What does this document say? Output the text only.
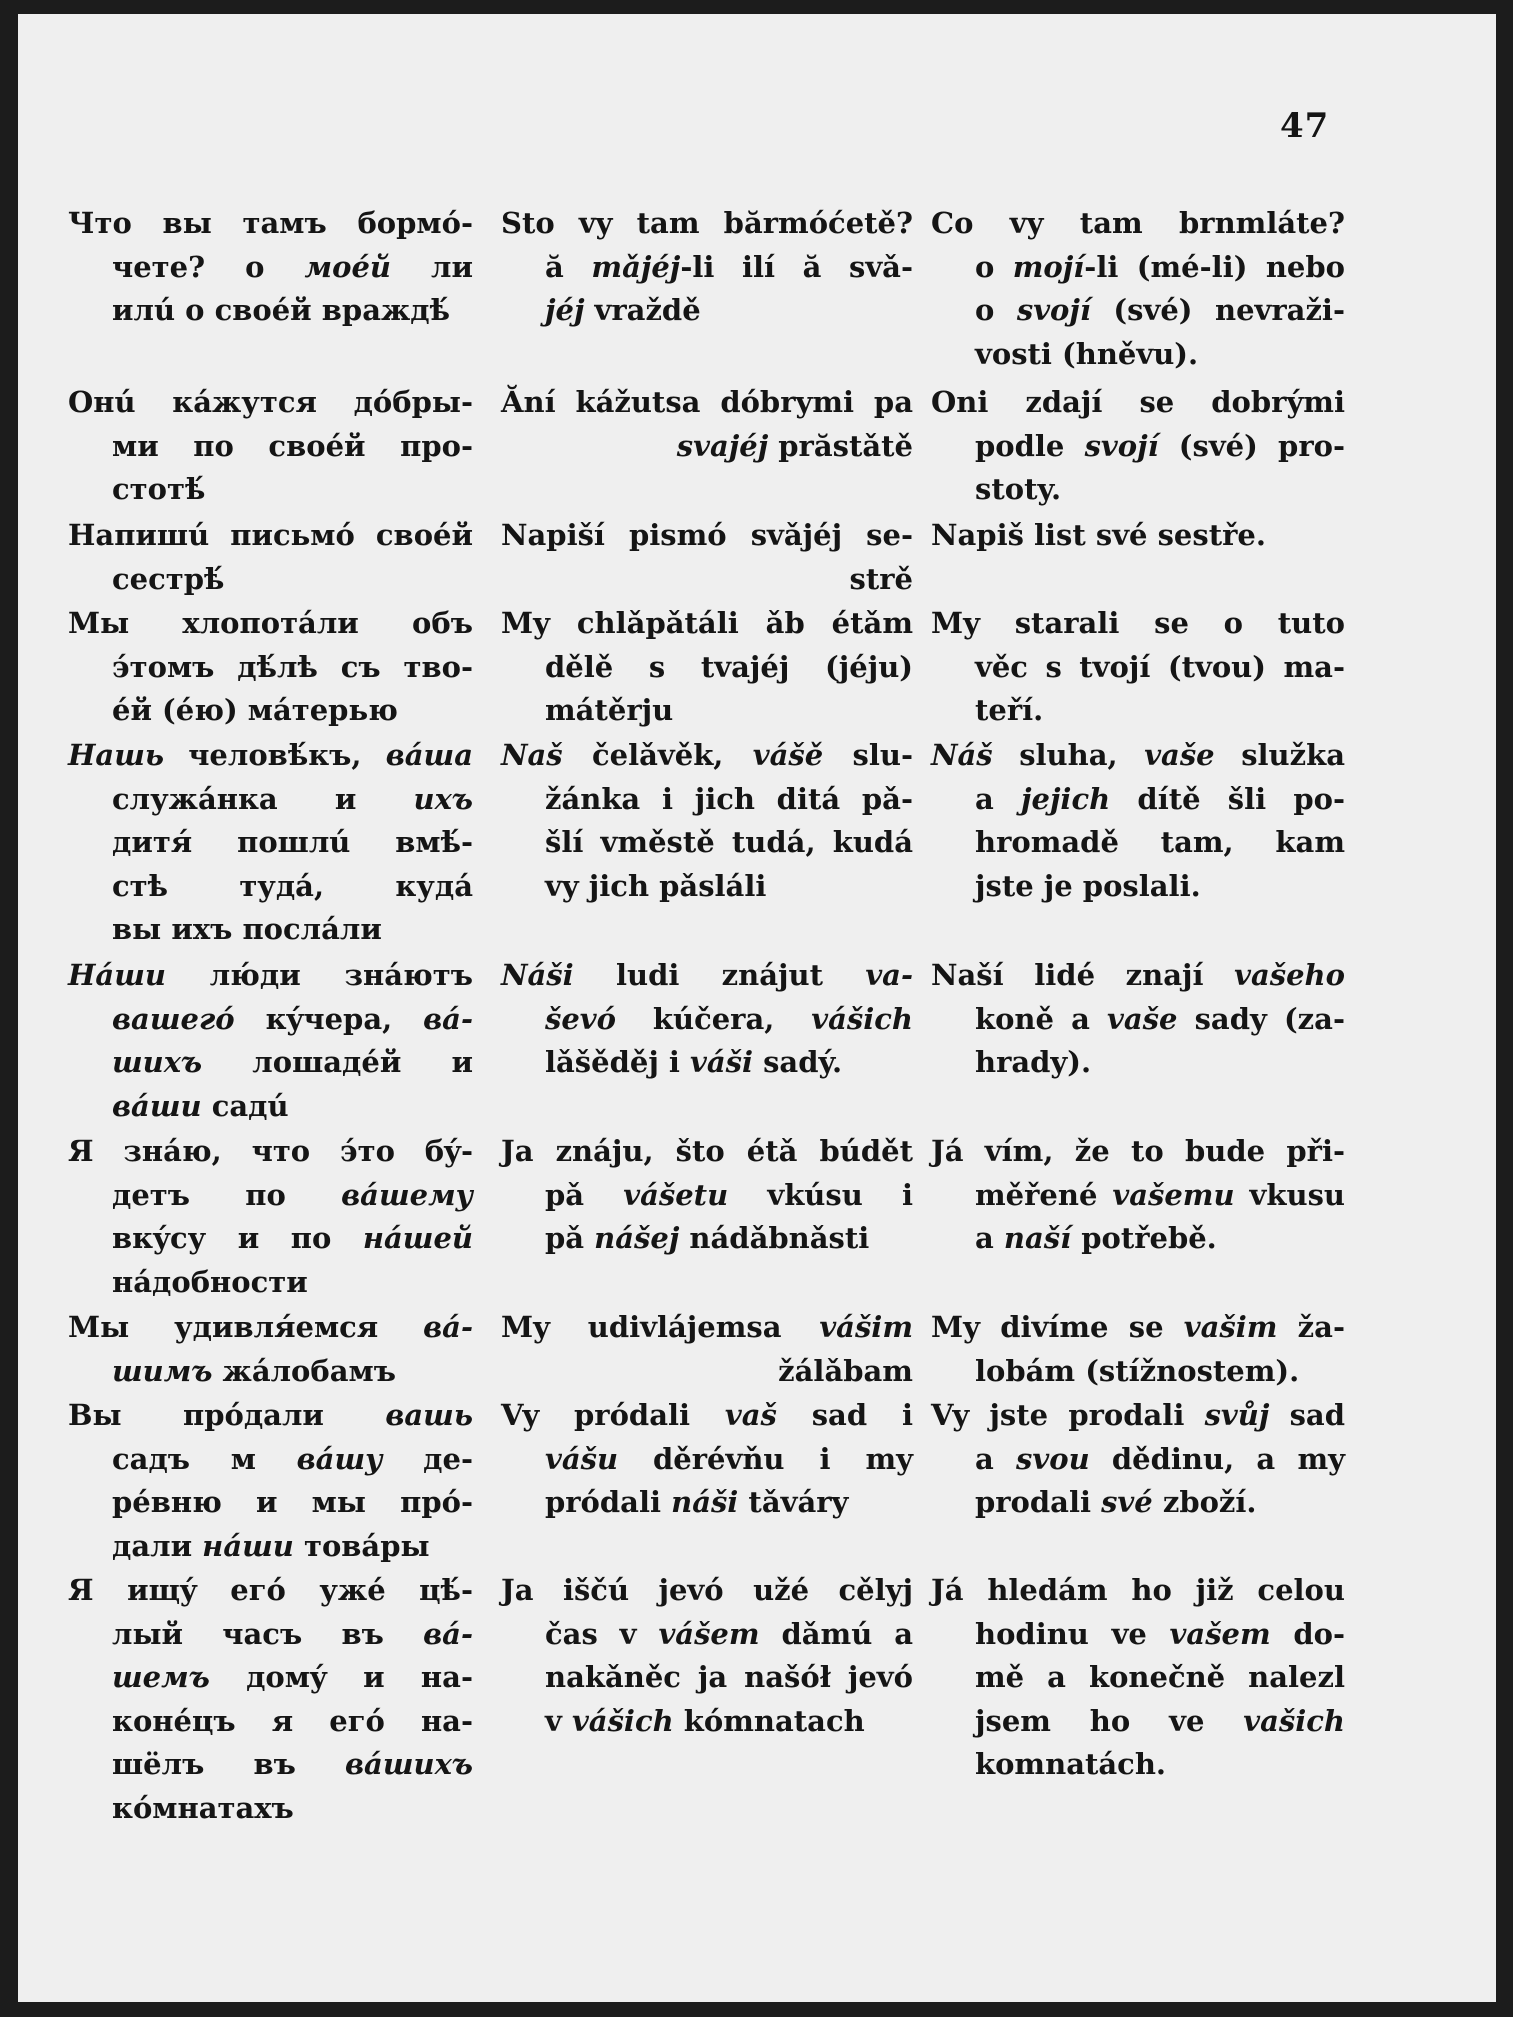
47
Что вы тамъ бормó-
чете? о моéй ли
илú о своéй враждѣ́
Sto vy tam bărmóćetě?
ă mǎjéj-li ilí ă svǎ-
jéj vraždě
Co vy tam brnmláte?
o mojí-li (mé-li) nebo
o svojí (své) nevraži-
vosti (hněvu).
Онú кáжутся дóбры-
ми по своéй про-
стотѣ́
Ăní kážutsa dóbrymi pa
svajéj prăstǎtě
Oni zdají se dobrými
podle svojí (své) pro-
stoty.
Напишú письмó своéй
сестрѣ́
Napiší pismó svǎjéj se-
strě
Napiš list své sestře.
Мы хлопотáли объ
э́томъ дѣ́лѣ съ тво-
éй (éю) мáтерью
My chlǎpǎtáli ǎb étǎm
dělě s tvajéj (jéju)
mátěrju
My starali se o tuto
věc s tvojí (tvou) ma-
teří.
Нашь человѣ́къ, вáша
служáнка и ихъ
дитя́ пошлú вмѣ́-
стѣ тудá, кудá
вы ихъ послáли
Naš čelǎvěk, vášě slu-
žánka i jich ditá pǎ-
šlí vměstě tudá, kudá
vy jich pǎsláli
Náš sluha, vaše služka
a jejich dítě šli po-
hromadě tam, kam
jste je poslali.
Нáши лю́ди знáютъ
вашегó кýчера, вá-
шихъ лошадéй и
вáши садú
Náši ludi znájut va-
ševó kúčera, vášich
lǎšěděj i váši sadý.
Naší lidé znají vašeho
koně a vaše sady (za-
hrady).
Я знáю, что э́то бý-
детъ по вáшему
вкýсу и по нáшей
нáдобности
Ja znáju, što étǎ búdět
pǎ vášetu vkúsu i
pǎ nášej nádǎbnǎsti
Já vím, že to bude při-
měřené vašemu vkusu
a naší potřebě.
Мы удивля́емся вá-
шимъ жáлобамъ
My udivlájemsa vášim
žálǎbam
My divíme se vašim ža-
lobám (stížnostem).
Вы прóдали вашь
садъ м вáшу де-
рéвню и мы прó-
дали нáши товáры
Vy pródali vaš sad i
vášu děrévňu i my
pródali náši tǎváry
Vy jste prodali svůj sad
a svou dědinu, a my
prodali své zboží.
Я ищý егó ужé цѣ́-
лый часъ въ вá-
шемъ домý и на-
конéцъ я егó на-
шёлъ въ вáшихъ
кóмнатахъ
Ja iščú jevó užé cělyj
čas v vášem dǎmú a
nakǎněc ja našół jevó
v vášich kómnatach
Já hledám ho již celou
hodinu ve vašem do-
mě a konečně nalezl
jsem ho ve vašich
komnatách.
